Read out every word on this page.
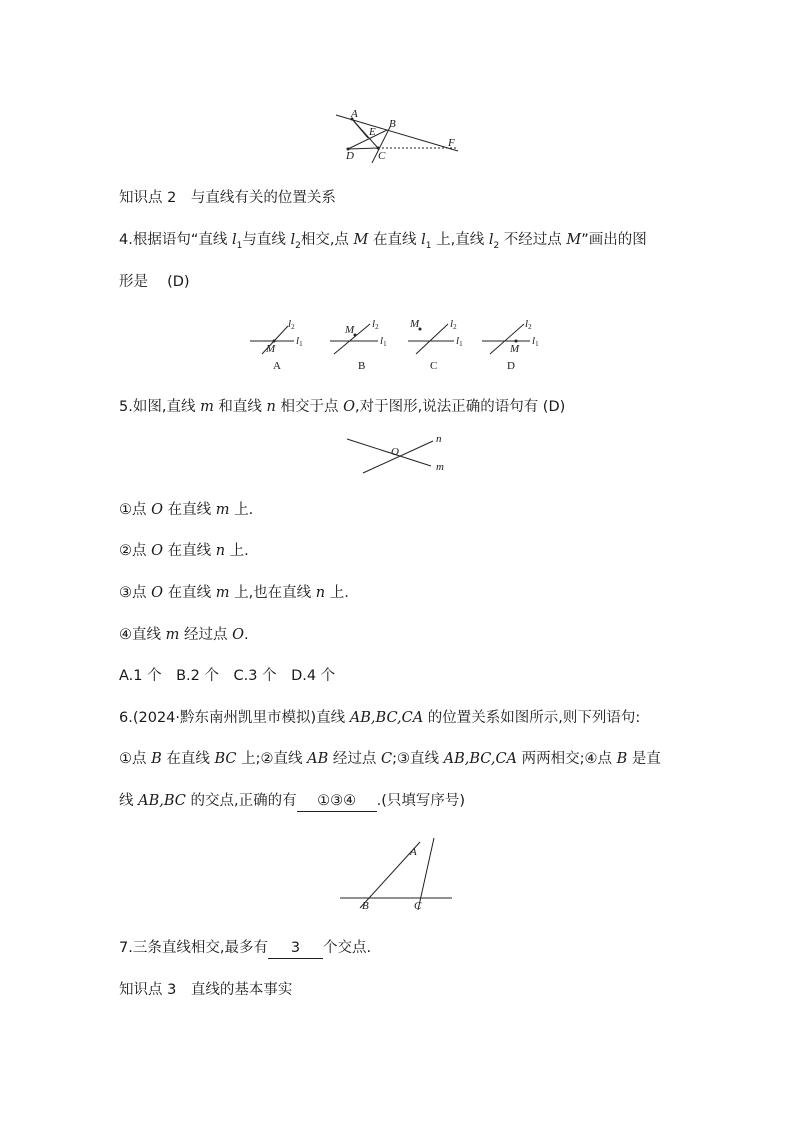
A
B
E
F
D C
知识点 2　与直线有关的位置关系
4.根据语句“直线 $l_1$与直线 $l_2$相交,点 M 在直线 $l_1$ 上,直线 $l_2$ 不经过点 M”画出的图
形是　 (D)
l2
l1
M
A
l2
l1
M
B
l2
l1
M
C
l2
l1
M
D
5.如图,直线 m 和直线 n 相交于点 O,对于图形,说法正确的语句有 (D)
n
O
m
①点 O 在直线 m 上.
②点 O 在直线 n 上.
③点 O 在直线 m 上,也在直线 n 上.
④直线 m 经过点 O.
A.1 个　B.2 个　C.3 个　D.4 个
6.(2024·黔东南州凯里市模拟)直线 AB,BC,CA 的位置关系如图所示,则下列语句:
①点 B 在直线 BC 上;②直线 AB 经过点 C;③直线 AB,BC,CA 两两相交;④点 B 是直
线 AB,BC 的交点,正确的有 ①③④ .(只填写序号)
A
B	C
7.三条直线相交,最多有 3 个交点.
知识点 3　直线的基本事实
